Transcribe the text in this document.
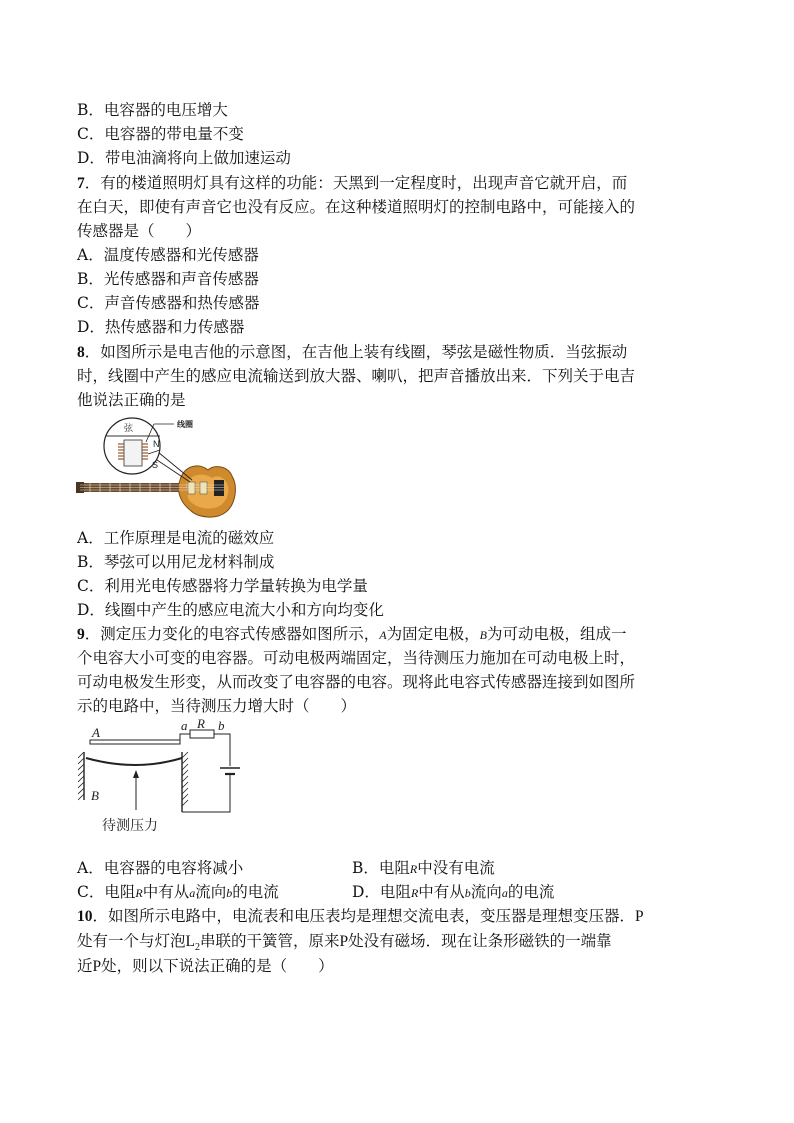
B．电容器的电压增大
C．电容器的带电量不变
D．带电油滴将向上做加速运动
7．有的楼道照明灯具有这样的功能：天黑到一定程度时，出现声音它就开启，而
在白天，即使有声音它也没有反应。在这种楼道照明灯的控制电路中，可能接入的
传感器是（　　）
A．温度传感器和光传感器
B．光传感器和声音传感器
C．声音传感器和热传感器
D．热传感器和力传感器
8．如图所示是电吉他的示意图，在吉他上装有线圈，琴弦是磁性物质．当弦振动
时，线圈中产生的感应电流输送到放大器、喇叭，把声音播放出来．下列关于电吉
他说法正确的是
弦	线圈
N
S
A．工作原理是电流的磁效应
B．琴弦可以用尼龙材料制成
C．利用光电传感器将力学量转换为电学量
D．线圈中产生的感应电流大小和方向均变化
9．测定压力变化的电容式传感器如图所示，A为固定电极，B为可动电极，组成一
个电容大小可变的电容器。可动电极两端固定，当待测压力施加在可动电极上时，
可动电极发生形变，从而改变了电容器的电容。现将此电容式传感器连接到如图所
示的电路中，当待测压力增大时（　　）
A
B
a R b
待测压力
A．电容器的电容将减小	B．电阻R中没有电流
C．电阻R中有从a流向b的电流	D．电阻R中有从b流向a的电流
10．如图所示电路中，电流表和电压表均是理想交流电表，变压器是理想变压器．P
处有一个与灯泡$L_2$串联的干簧管，原来P处没有磁场．现在让条形磁铁的一端靠
近P处，则以下说法正确的是（　　）
